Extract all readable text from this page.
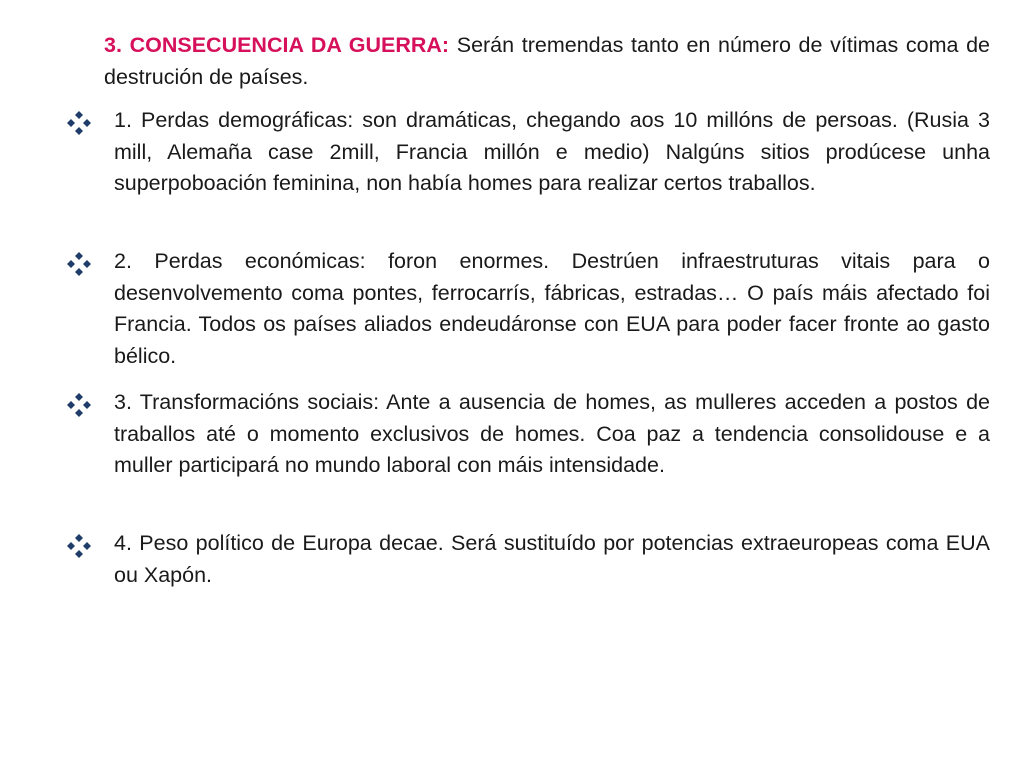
3. CONSECUENCIA DA GUERRA: Serán tremendas tanto en número de vítimas coma de destrución de países.
1. Perdas demográficas: son dramáticas, chegando aos 10 millóns de persoas. (Rusia 3 mill, Alemaña case 2mill, Francia millón e medio) Nalgúns sitios prodúcese unha superpoboación feminina, non había homes para realizar certos traballos.
2. Perdas económicas: foron enormes. Destrúen infraestruturas vitais para o desenvolvemento coma pontes, ferrocarrís, fábricas, estradas… O país máis afectado foi Francia. Todos os países aliados endeudáronse con EUA para poder facer fronte ao gasto bélico.
3. Transformacións sociais: Ante a ausencia de homes, as mulleres acceden a postos de traballos até o momento exclusivos de homes. Coa paz a tendencia consolidouse e a muller participará no mundo laboral con máis intensidade.
4. Peso político de Europa decae. Será sustituído por potencias extraeuropeas coma EUA ou Xapón.
